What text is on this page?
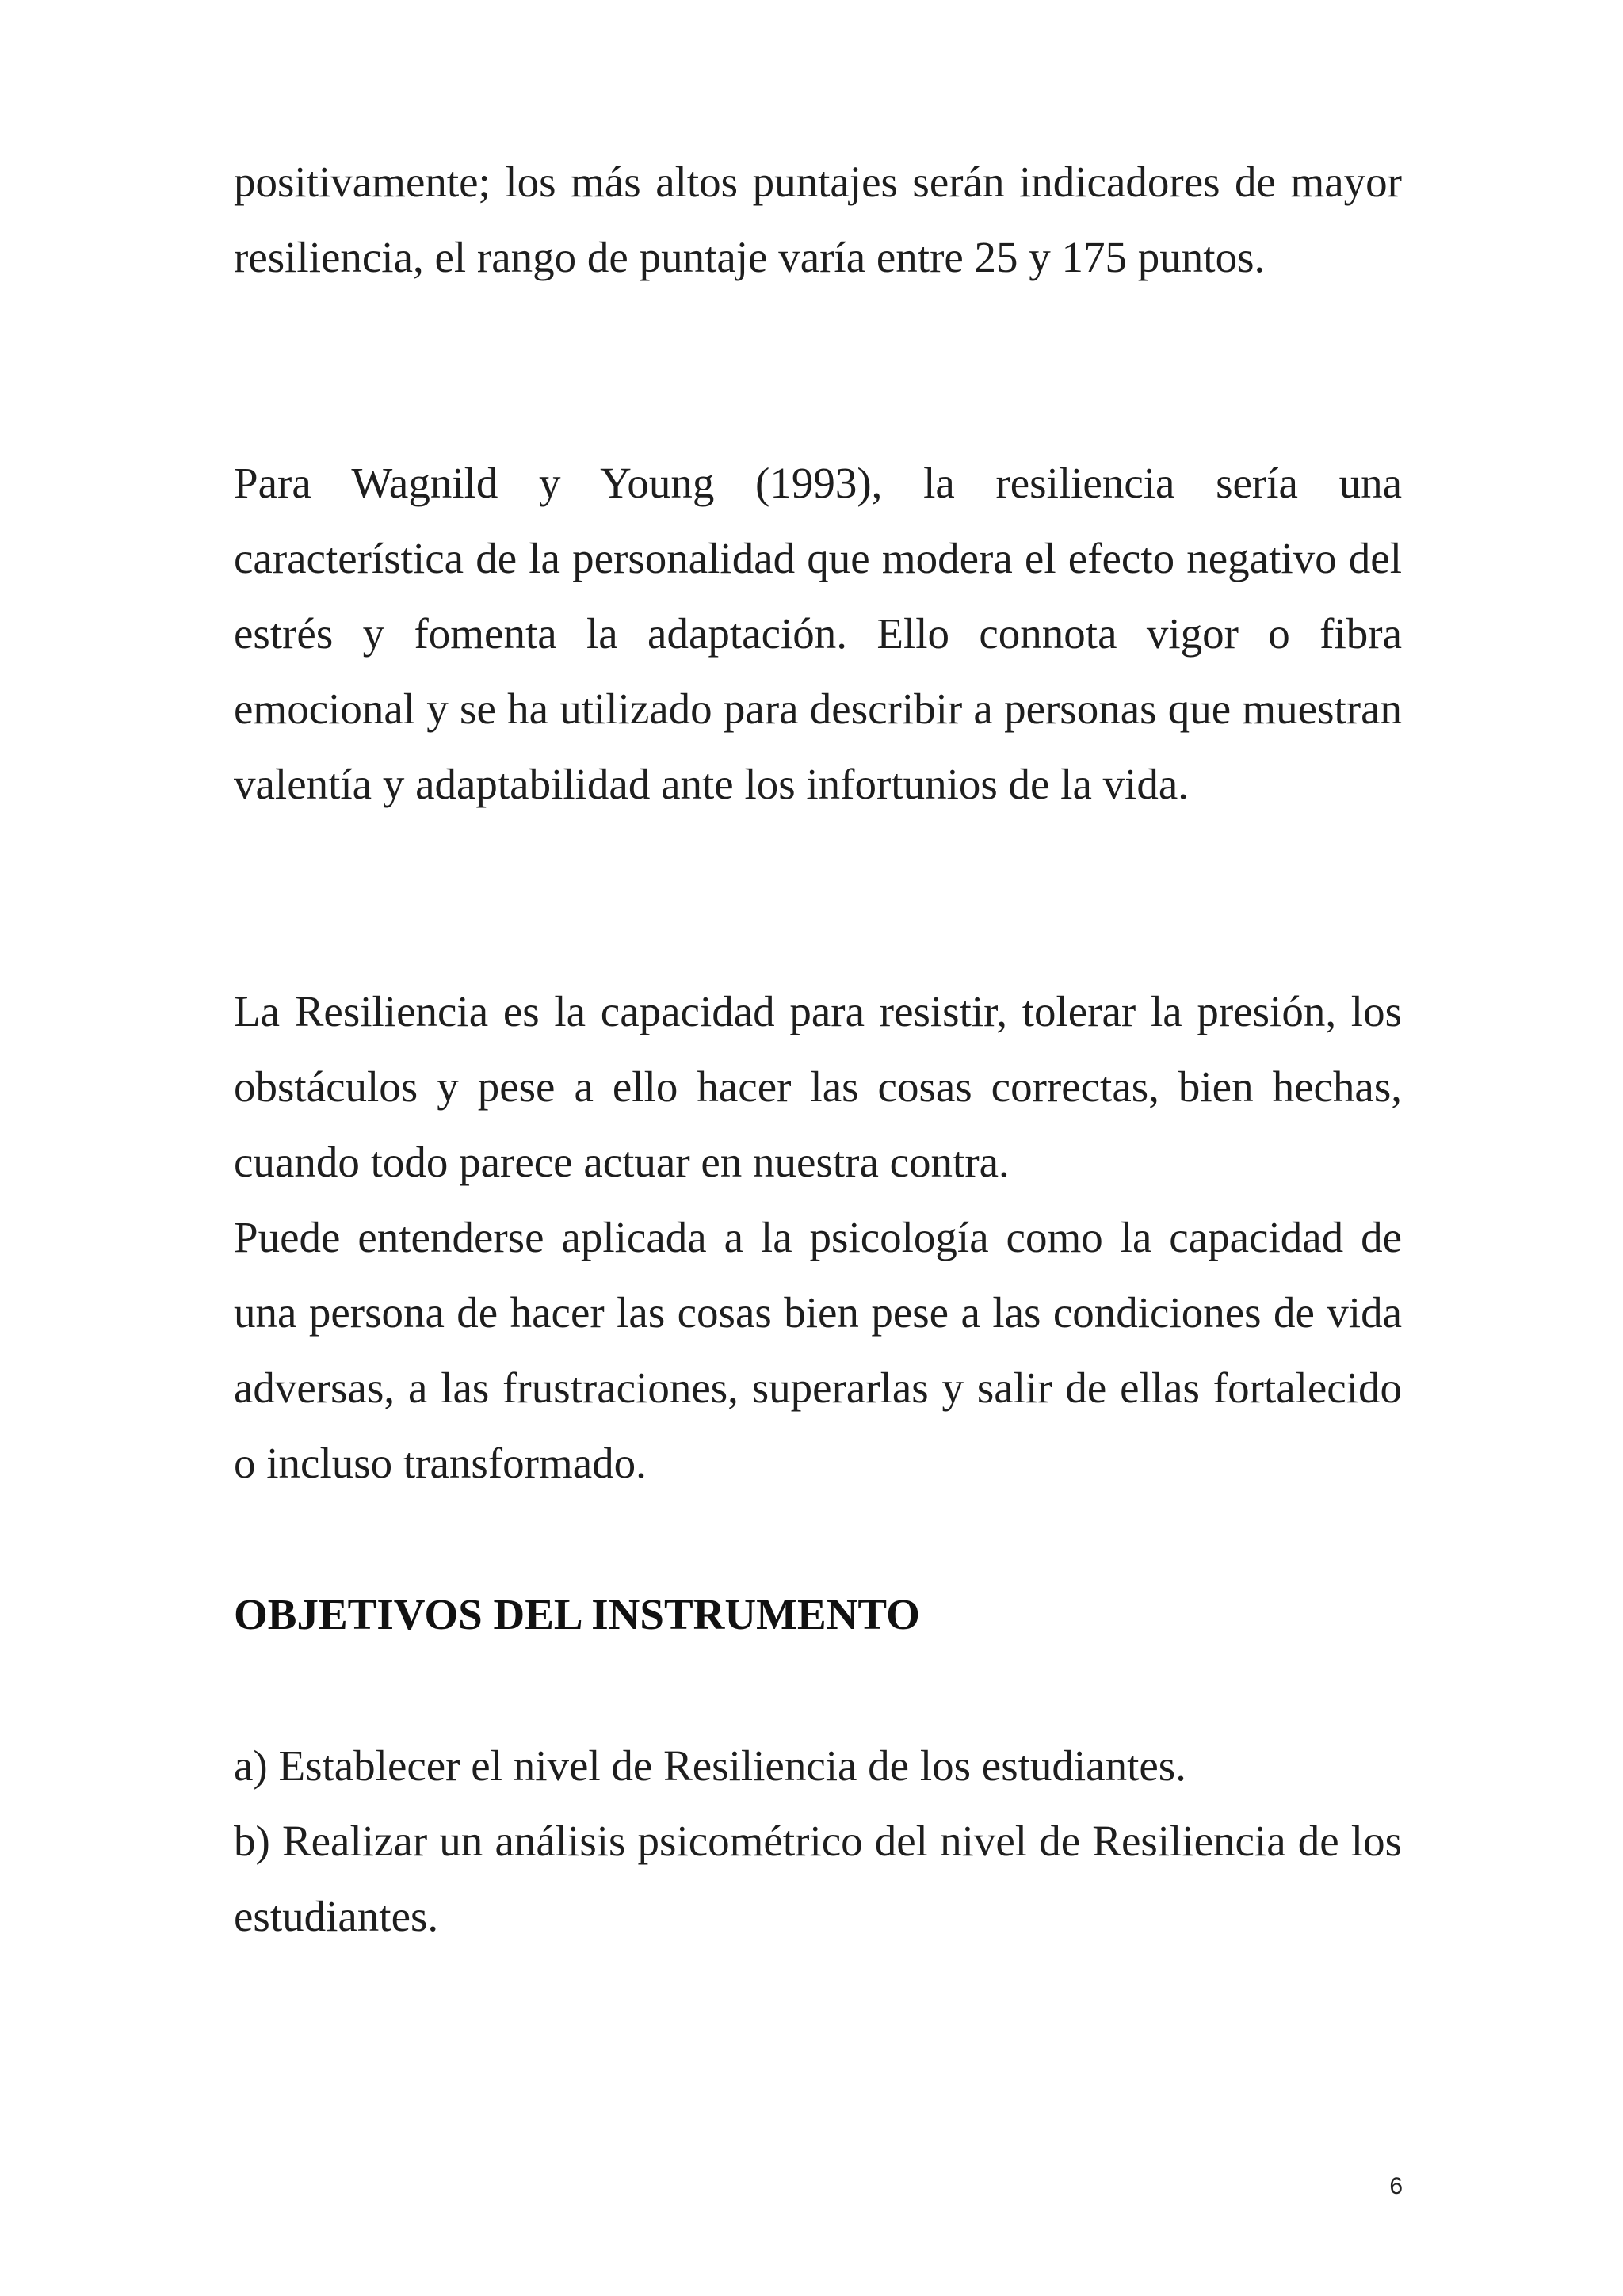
positivamente; los más altos puntajes serán indicadores de mayor resiliencia, el rango de puntaje varía entre 25 y 175 puntos.

Para Wagnild y Young (1993), la resiliencia sería una característica de la personalidad que modera el efecto negativo del estrés y fomenta la adaptación. Ello connota vigor o fibra emocional y se ha utilizado para describir a personas que muestran valentía y adaptabilidad ante los infortunios de la vida.

La Resiliencia es la capacidad para resistir, tolerar la presión, los obstáculos y pese a ello hacer las cosas correctas, bien hechas, cuando todo parece actuar en nuestra contra.

Puede entenderse aplicada a la psicología como la capacidad de una persona de hacer las cosas bien pese a las condiciones de vida adversas, a las frustraciones, superarlas y salir de ellas fortalecido o incluso transformado.

OBJETIVOS DEL INSTRUMENTO
a) Establecer el nivel de Resiliencia de los estudiantes.
b) Realizar un análisis psicométrico del nivel de Resiliencia de los estudiantes.
6
